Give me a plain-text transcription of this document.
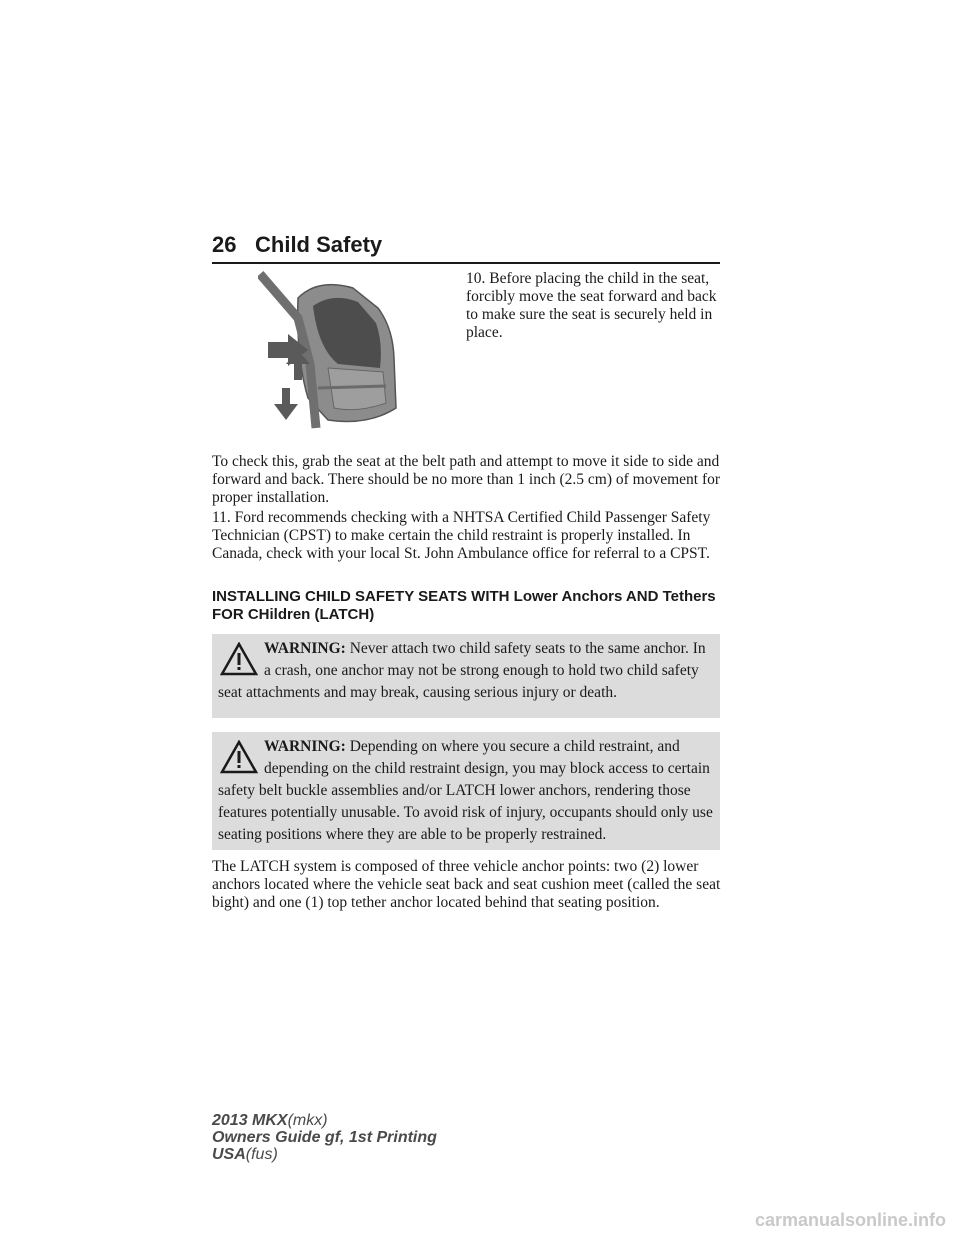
26 Child Safety
10. Before placing the child in the seat, forcibly move the seat forward and back to make sure the seat is securely held in place.

To check this, grab the seat at the belt path and attempt to move it side to side and forward and back. There should be no more than 1 inch (2.5 cm) of movement for proper installation.

11. Ford recommends checking with a NHTSA Certified Child Passenger Safety Technician (CPST) to make certain the child restraint is properly installed. In Canada, check with your local St. John Ambulance office for referral to a CPST.

INSTALLING CHILD SAFETY SEATS WITH Lower Anchors AND Tethers FOR CHildren (LATCH)
WARNING: Never attach two child safety seats to the same anchor. In a crash, one anchor may not be strong enough to hold two child safety seat attachments and may break, causing serious injury or death.
WARNING: Depending on where you secure a child restraint, and depending on the child restraint design, you may block access to certain safety belt buckle assemblies and/or LATCH lower anchors, rendering those features potentially unusable. To avoid risk of injury, occupants should only use seating positions where they are able to be properly restrained.

The LATCH system is composed of three vehicle anchor points: two (2) lower anchors located where the vehicle seat back and seat cushion meet (called the seat bight) and one (1) top tether anchor located behind that seating position.

2013 MKX(mkx)
Owners Guide gf, 1st Printing
USA(fus)
carmanualsonline.info
